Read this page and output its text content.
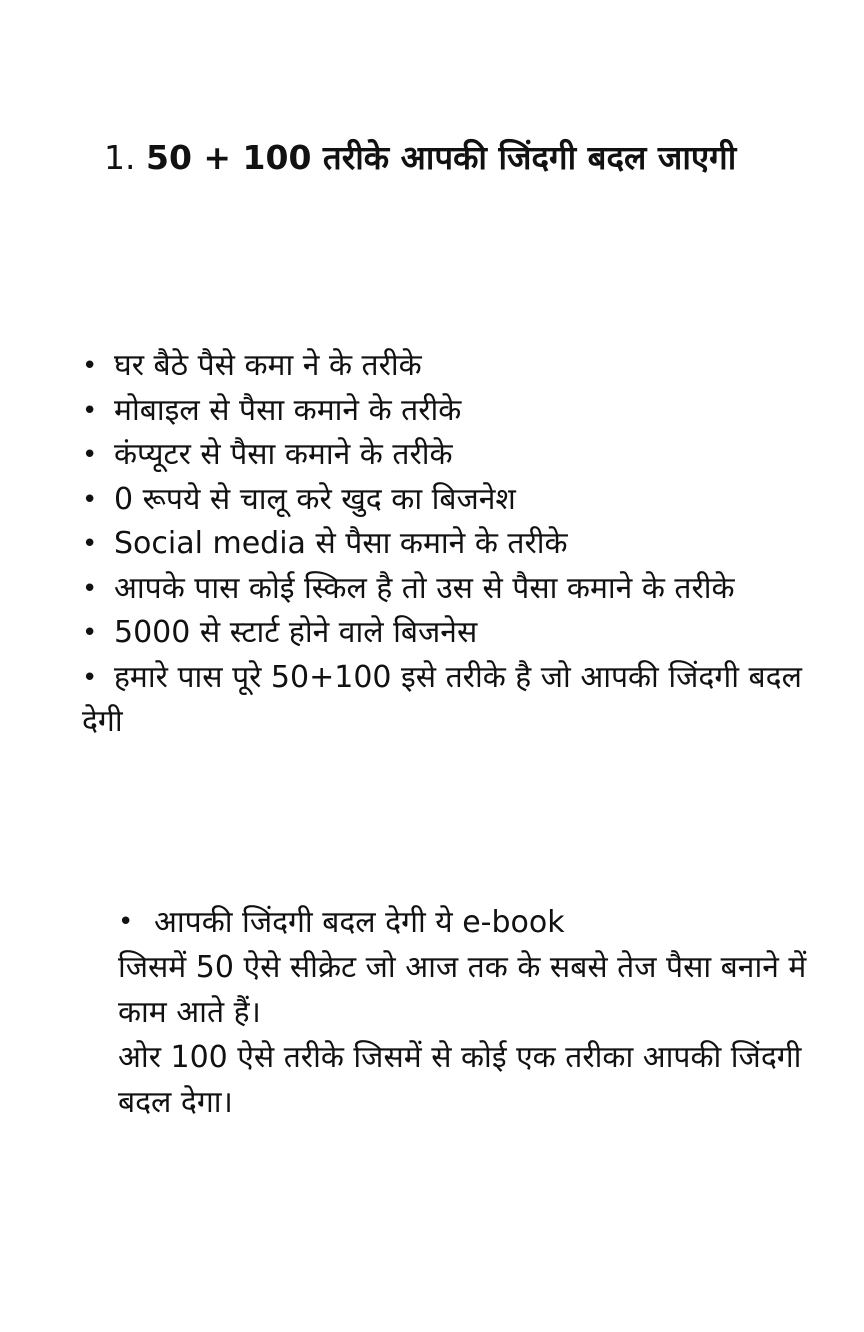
1. 50 + 100 तरीके आपकी जिंदगी बदल जाएगी
• घर बैठे पैसे कमा ने के तरीके
• मोबाइल से पैसा कमाने के तरीके
• कंप्यूटर से पैसा कमाने के तरीके
• 0 रूपये से चालू करे खुद का बिजनेश
• Social media से पैसा कमाने के तरीके
• आपके पास कोई स्किल है तो उस से पैसा कमाने के तरीके
• 5000 से स्टार्ट होने वाले बिजनेस
• हमारे पास पूरे 50+100 इसे तरीके है जो आपकी जिंदगी बदल देगी

• आपकी जिंदगी बदल देगी ये e-book

जिसमें 50 ऐसे सीक्रेट जो आज तक के सबसे तेज पैसा बनाने में काम आते हैं।

ओर 100 ऐसे तरीके जिसमें से कोई एक तरीका आपकी जिंदगी बदल देगा।
